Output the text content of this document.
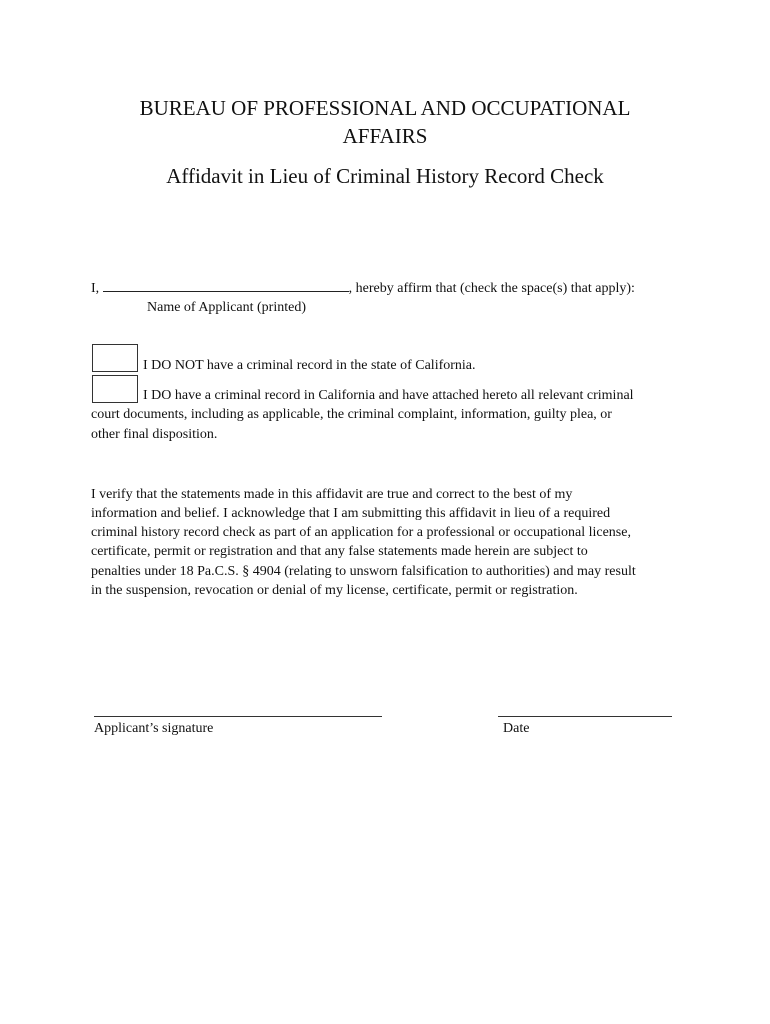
BUREAU OF PROFESSIONAL AND OCCUPATIONAL
AFFAIRS
Affidavit in Lieu of Criminal History Record Check
I,	, hereby affirm that (check the space(s) that apply):
Name of Applicant (printed)
I DO NOT have a criminal record in the state of California.
I DO have a criminal record in California and have attached hereto all relevant criminal
court documents, including as applicable, the criminal complaint, information, guilty plea, or
other final disposition.
I verify that the statements made in this affidavit are true and correct to the best of my
information and belief. I acknowledge that I am submitting this affidavit in lieu of a required
criminal history record check as part of an application for a professional or occupational license,
certificate, permit or registration and that any false statements made herein are subject to
penalties under 18 Pa.C.S. § 4904 (relating to unsworn falsification to authorities) and may result
in the suspension, revocation or denial of my license, certificate, permit or registration.
Applicant’s signature	Date
